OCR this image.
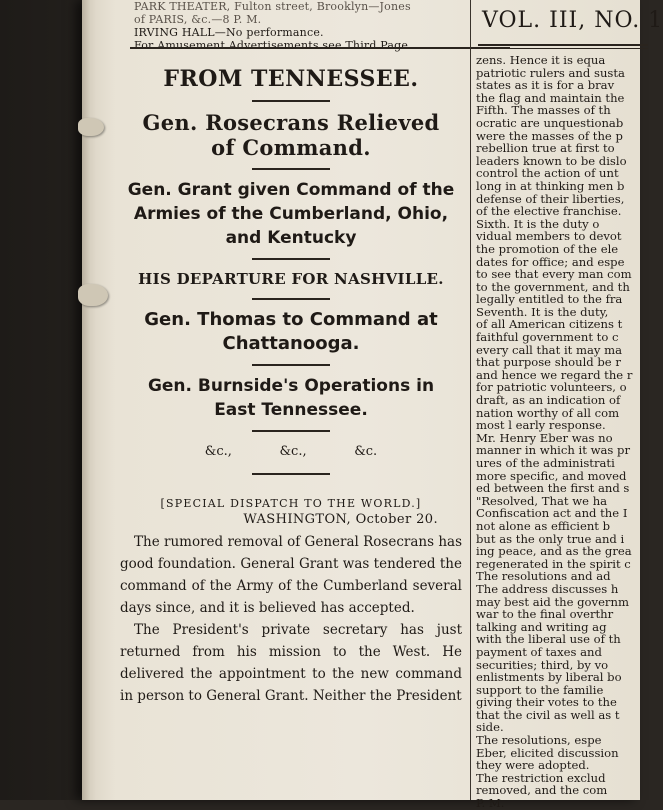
PARK THEATER, Fulton street, Brooklyn—Jones
of PARIS, &c.—8 P. M.
IRVING HALL—No performance.
For Amusement Advertisements see Third Page.
FROM TENNESSEE.
Gen. Rosecrans Relieved
of Command.
Gen. Grant given Command of the
Armies of the Cumberland, Ohio,
and Kentucky
HIS DEPARTURE FOR NASHVILLE.
Gen. Thomas to Command at
Chattanooga.
Gen. Burnside's Operations in
East Tennessee.
&c.,	&c.,	&c.
[SPECIAL DISPATCH TO THE WORLD.]
WASHINGTON, October 20.

The rumored removal of General Rosecrans has good foundation. General Grant was tendered the command of the Army of the Cumberland several days since, and it is believed has accepted.

The President's private secretary has just returned from his mission to the West. He delivered the appointment to the new command in person to General Grant. Neither the President

VOL. III, NO. 1
zens. Hence it is equa
patriotic rulers and susta
states as it is for a brav
the flag and maintain the
Fifth. The masses of th
ocratic are unquestionab
were the masses of the p
rebellion true at first to
leaders known to be dislo
control the action of unt
long in at thinking men b
defense of their liberties,
of the elective franchise.
Sixth. It is the duty o
vidual members to devot
the promotion of the ele
dates for office; and espe
to see that every man com
to the government, and th
legally entitled to the fra
Seventh. It is the duty,
of all American citizens t
faithful government to c
every call that it may ma
that purpose should be r
and hence we regard the r
for patriotic volunteers, o
draft, as an indication of
nation worthy of all com
most l early response.
Mr. Henry Eber was no
manner in which it was pr
ures of the administrati
more specific, and moved
ed between the first and s
"Resolved, That we ha
Confiscation act and the I
not alone as efficient b
but as the only true and i
ing peace, and as the grea
regenerated in the spirit c
The resolutions and ad
The address discusses h
may best aid the governm
war to the final overthr
talking and writing ag
with the liberal use of th
payment of taxes and
securities; third, by vo
enlistments by liberal bo
support to the familie
giving their votes to the
that the civil as well as t
side.
The resolutions, espe
Eber, elicited discussion
they were adopted.
The restriction exclud
removed, and the com
P. M.
